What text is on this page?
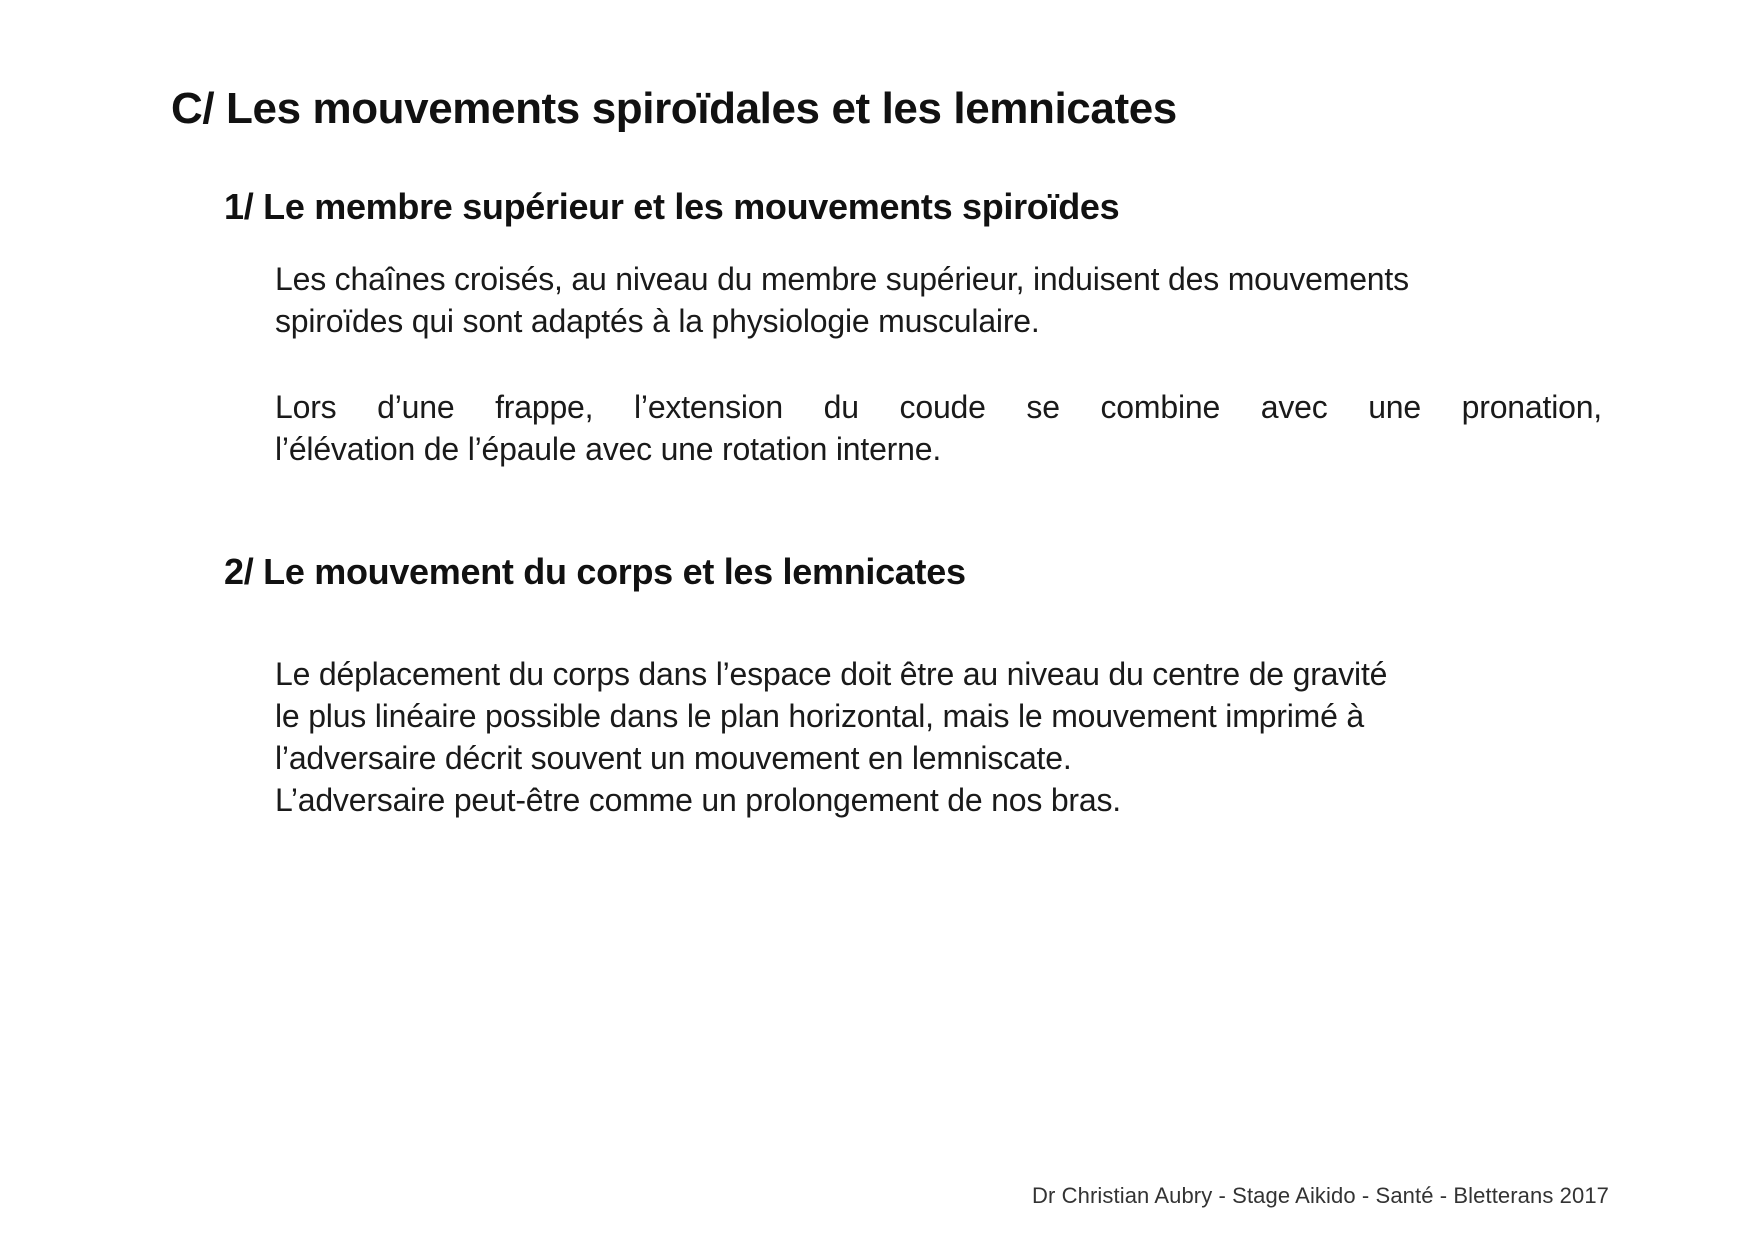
C/ Les mouvements spiroïdales et les lemnicates
1/ Le membre supérieur et les mouvements spiroïdes

Les chaînes croisés, au niveau du membre supérieur, induisent des mouvements
spiroïdes qui sont adaptés à la physiologie musculaire.

Lors d’une frappe, l’extension du coude se combine avec une pronation,
l’élévation de l’épaule avec une rotation interne.

2/ Le mouvement du corps et les lemnicates

Le déplacement du corps dans l’espace doit être au niveau du centre de gravité
le plus linéaire possible dans le plan horizontal, mais le mouvement imprimé à
l’adversaire décrit souvent un mouvement en lemniscate.
L’adversaire peut-être comme un prolongement de nos bras.

Dr Christian Aubry - Stage Aikido - Santé - Bletterans 2017
